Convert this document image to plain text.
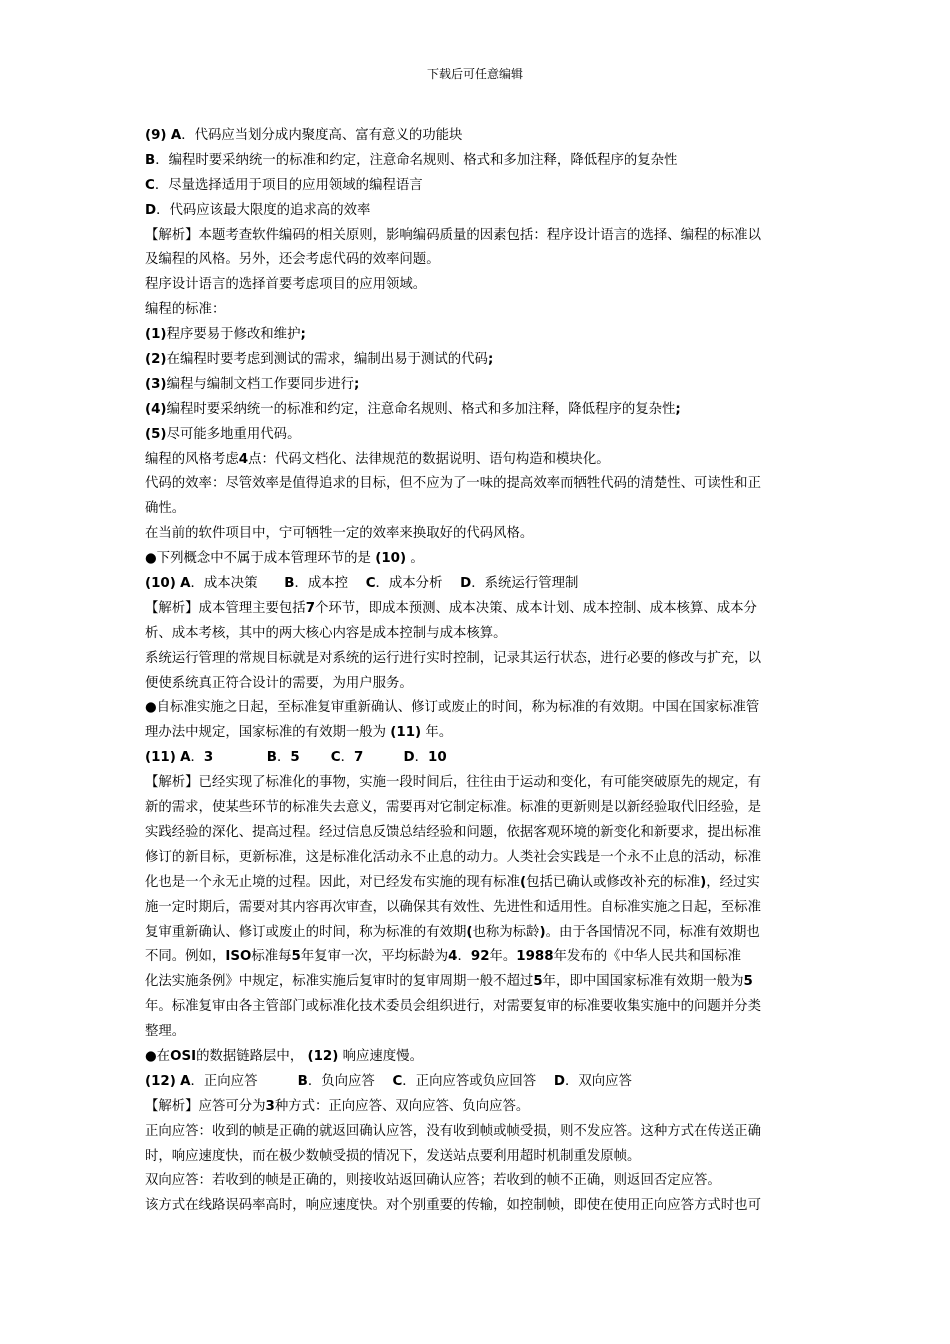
下载后可任意编辑
(9) A．代码应当划分成内聚度高、富有意义的功能块
B．编程时要采纳统一的标准和约定，注意命名规则、格式和多加注释，降低程序的复杂性
C．尽量选择适用于项目的应用领域的编程语言
D．代码应该最大限度的追求高的效率
【解析】本题考查软件编码的相关原则，影响编码质量的因素包括：程序设计语言的选择、编程的标准以
及编程的风格。另外，还会考虑代码的效率问题。
程序设计语言的选择首要考虑项目的应用领域。
编程的标准：
(1)程序要易于修改和维护;
(2)在编程时要考虑到测试的需求，编制出易于测试的代码;
(3)编程与编制文档工作要同步进行;
(4)编程时要采纳统一的标准和约定，注意命名规则、格式和多加注释，降低程序的复杂性;
(5)尽可能多地重用代码。
编程的风格考虑4点：代码文档化、法律规范的数据说明、语句构造和模块化。
代码的效率：尽管效率是值得追求的目标，但不应为了一味的提高效率而牺牲代码的清楚性、可读性和正
确性。
在当前的软件项目中，宁可牺牲一定的效率来换取好的代码风格。
●下列概念中不属于成本管理环节的是 (10) 。
(10) A．成本决策　　B．成本控　 C．成本分析　 D．系统运行管理制
【解析】成本管理主要包括7个环节，即成本预测、成本决策、成本计划、成本控制、成本核算、成本分
析、成本考核，其中的两大核心内容是成本控制与成本核算。
系统运行管理的常规目标就是对系统的运行进行实时控制，记录其运行状态，进行必要的修改与扩充，以
便使系统真正符合设计的需要，为用户服务。
●自标准实施之日起，至标准复审重新确认、修订或废止的时间，称为标准的有效期。中国在国家标准管
理办法中规定，国家标准的有效期一般为 (11) 年。
(11) A．3　　　　	B．5　　 C．7　　　	D．10
【解析】已经实现了标准化的事物，实施一段时间后，往往由于运动和变化，有可能突破原先的规定，有
新的需求，使某些环节的标准失去意义，需要再对它制定标准。标准的更新则是以新经验取代旧经验，是
实践经验的深化、提高过程。经过信息反馈总结经验和问题，依据客观环境的新变化和新要求，提出标准
修订的新目标，更新标准，这是标准化活动永不止息的动力。人类社会实践是一个永不止息的活动，标准
化也是一个永无止境的过程。因此，对已经发布实施的现有标准(包括已确认或修改补充的标准)，经过实
施一定时期后，需要对其内容再次审查，以确保其有效性、先进性和适用性。自标准实施之日起，至标准
复审重新确认、修订或废止的时间，称为标准的有效期(也称为标龄)。由于各国情况不同，标准有效期也
不同。例如，ISO标准每5年复审一次，平均标龄为4．92年。1988年发布的《中华人民共和国标准
化法实施条例》中规定，标准实施后复审时的复审周期一般不超过5年，即中国国家标准有效期一般为5
年。标准复审由各主管部门或标准化技术委员会组织进行，对需要复审的标准要收集实施中的问题并分类
整理。
●在OSI的数据链路层中， (12) 响应速度慢。
(12) A．正向应答　　　B．负向应答　 C．正向应答或负应回答　 D．双向应答
【解析】应答可分为3种方式：正向应答、双向应答、负向应答。
正向应答：收到的帧是正确的就返回确认应答，没有收到帧或帧受损，则不发应答。这种方式在传送正确
时，响应速度快，而在极少数帧受损的情况下，发送站点要利用超时机制重发原帧。
双向应答：若收到的帧是正确的，则接收站返回确认应答；若收到的帧不正确，则返回否定应答。
该方式在线路误码率高时，响应速度快。对个别重要的传输，如控制帧，即使在使用正向应答方式时也可
